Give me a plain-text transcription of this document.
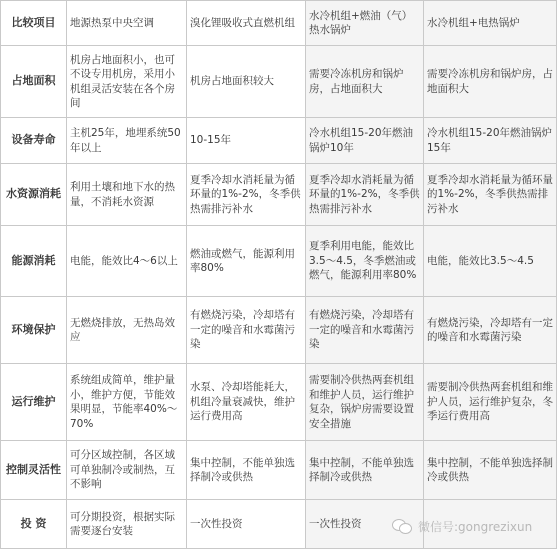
比较项目	地源热泵中央空调	溴化锂吸收式直燃机组	水冷机组+燃油（气）热水锅炉	水冷机组+电热锅炉
占地面积	机房占地面积小，也可不设专用机房，采用小机组灵活安装在各个房间	机房占地面积较大	需要冷冻机房和锅炉房，占地面积大	需要冷冻机房和锅炉房，占地面积大
设备寿命	主机25年，地埋系统50年以上	10-15年	冷水机组15-20年燃油锅炉10年	冷水机组15-20年燃油锅炉15年
水资源消耗	利用土壤和地下水的热量，不消耗水资源	夏季冷却水消耗量为循环量的1%-2%，冬季供热需排污补水	夏季冷却水消耗量为循环量的1%-2%，冬季供热需排污补水	夏季冷却水消耗量为循环量的1%-2%，冬季供热需排污补水
能源消耗	电能，能效比4～6以上	燃油或燃气，能源利用率80%	夏季利用电能，能效比3.5～4.5，冬季燃油或燃气，能源利用率80%	电能，能效比3.5～4.5
环境保护	无燃烧排放，无热岛效应	有燃烧污染，冷却塔有一定的噪音和水霉菌污染	有燃烧污染，冷却塔有一定的噪音和水霉菌污染	有燃烧污染，冷却塔有一定的噪音和水霉菌污染
运行维护	系统组成简单，维护量小，维护方便，节能效果明显，节能率40%～70%	水泵、冷却塔能耗大，机组冷量衰减快，维护运行费用高	需要制冷供热两套机组和维护人员，运行维护复杂，锅炉房需要设置安全措施	需要制冷供热两套机组和维护人员，运行维护复杂，冬季运行费用高
控制灵活性	可分区域控制，各区域可单独制冷或制热，互不影响	集中控制，不能单独选择制冷或供热	集中控制，不能单独选择制冷或供热	集中控制，不能单独选择制冷或供热
投 资	可分期投资，根据实际需要逐台安装	一次性投资	一次性投资		微信号:gongrezixun
